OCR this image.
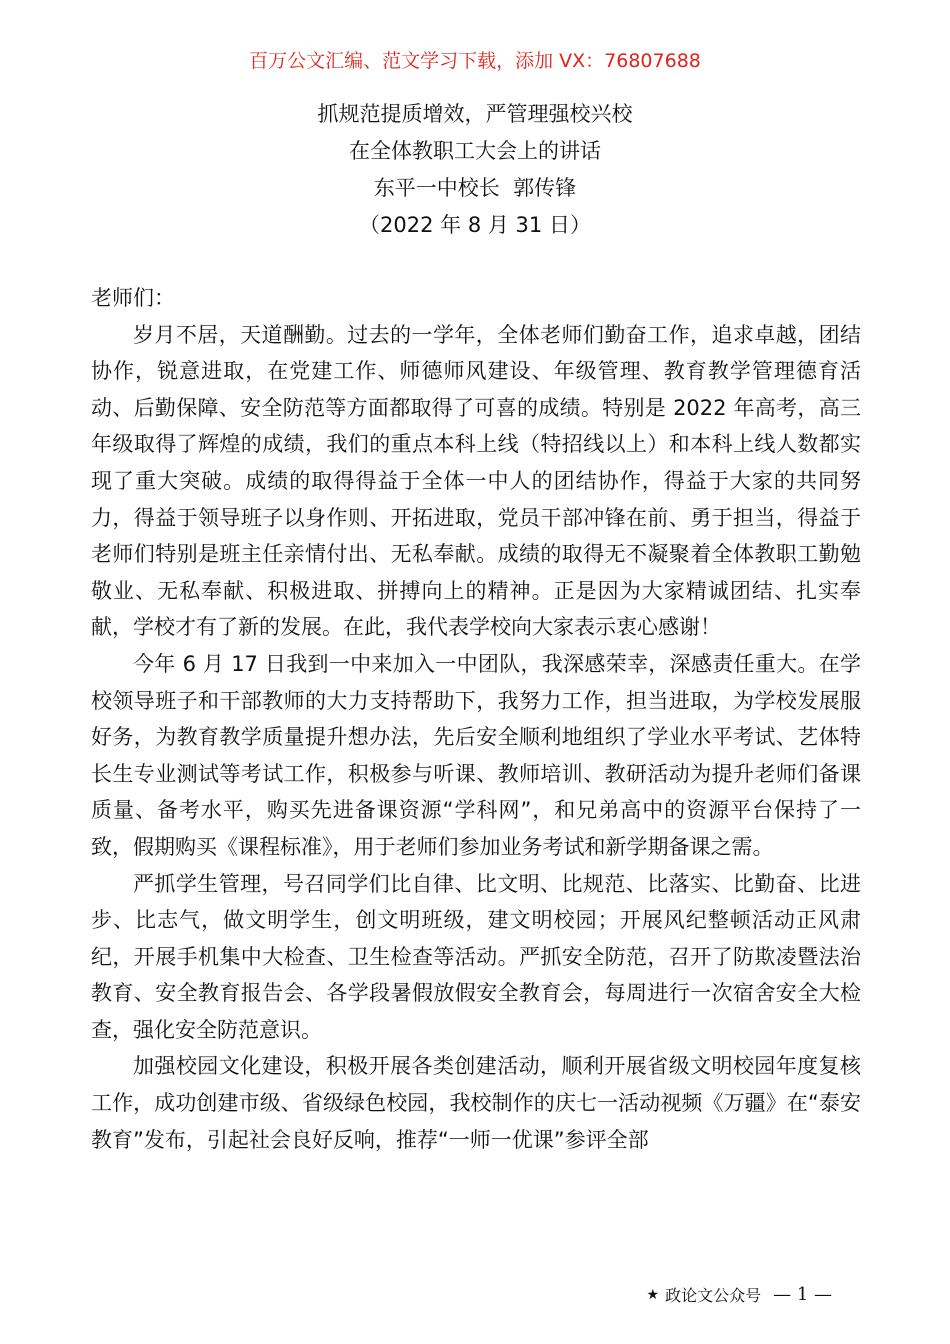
百万公文汇编、范文学习下载，添加 VX：76807688
抓规范提质增效，严管理强校兴校
在全体教职工大会上的讲话
东平一中校长  郭传锋
（2022 年 8 月 31 日）

老师们：

岁月不居，天道酬勤。过去的一学年，全体老师们勤奋工作，追求卓越，团结协作，锐意进取，在党建工作、师德师风建设、年级管理、教育教学管理德育活动、后勤保障、安全防范等方面都取得了可喜的成绩。特别是 2022 年高考，高三年级取得了辉煌的成绩，我们的重点本科上线（特招线以上）和本科上线人数都实现了重大突破。成绩的取得得益于全体一中人的团结协作，得益于大家的共同努力，得益于领导班子以身作则、开拓进取，党员干部冲锋在前、勇于担当，得益于老师们特别是班主任亲情付出、无私奉献。成绩的取得无不凝聚着全体教职工勤勉敬业、无私奉献、积极进取、拼搏向上的精神。正是因为大家精诚团结、扎实奉献，学校才有了新的发展。在此，我代表学校向大家表示衷心感谢！

今年 6 月 17 日我到一中来加入一中团队，我深感荣幸，深感责任重大。在学校领导班子和干部教师的大力支持帮助下，我努力工作，担当进取，为学校发展服好务，为教育教学质量提升想办法，先后安全顺利地组织了学业水平考试、艺体特长生专业测试等考试工作，积极参与听课、教师培训、教研活动为提升老师们备课质量、备考水平，购买先进备课资源“学科网”，和兄弟高中的资源平台保持了一致，假期购买《课程标准》，用于老师们参加业务考试和新学期备课之需。

严抓学生管理，号召同学们比自律、比文明、比规范、比落实、比勤奋、比进步、比志气，做文明学生，创文明班级，建文明校园；开展风纪整顿活动正风肃纪，开展手机集中大检查、卫生检查等活动。严抓安全防范，召开了防欺凌暨法治教育、安全教育报告会、各学段暑假放假安全教育会，每周进行一次宿舍安全大检查，强化安全防范意识。

加强校园文化建设，积极开展各类创建活动，顺利开展省级文明校园年度复核工作，成功创建市级、省级绿色校园，我校制作的庆七一活动视频《万疆》在“泰安教育”发布，引起社会良好反响，推荐“一师一优课”参评全部

★ 政论文公众号 — 1 —
